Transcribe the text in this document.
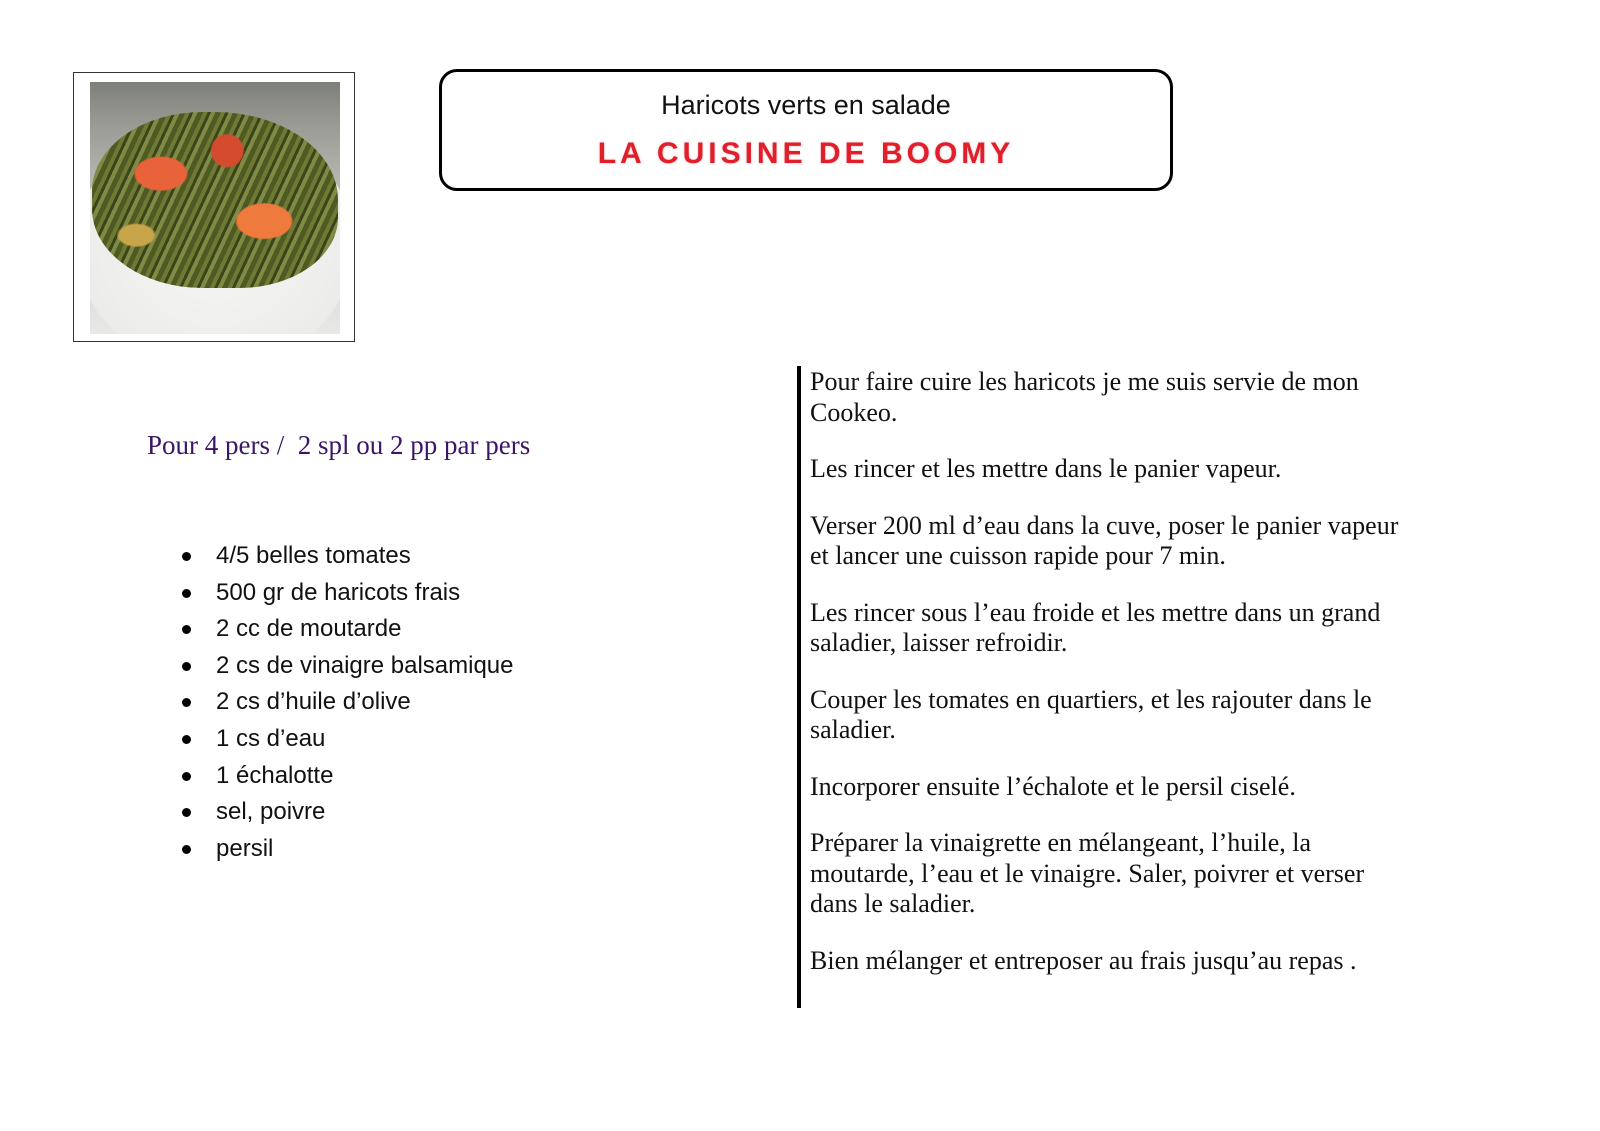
Haricots verts en salade
LA CUISINE DE BOOMY
Pour 4 pers /  2 spl ou 2 pp par pers
4/5 belles tomates
500 gr de haricots frais
2 cc de moutarde
2 cs de vinaigre balsamique
2 cs d’huile d’olive
1 cs d’eau
1 échalotte
sel, poivre
persil

Pour faire cuire les haricots je me suis servie de mon Cookeo.

Les rincer et les mettre dans le panier vapeur.

Verser 200 ml d’eau dans la cuve, poser le panier vapeur et lancer une cuisson rapide pour 7 min.

Les rincer sous l’eau froide et les mettre dans un grand saladier, laisser refroidir.

Couper les tomates en quartiers, et les rajouter dans le saladier.

Incorporer ensuite l’échalote et le persil ciselé.

Préparer la vinaigrette en mélangeant, l’huile, la moutarde, l’eau et le vinaigre. Saler, poivrer et verser dans le saladier.

Bien mélanger et entreposer au frais jusqu’au repas .
